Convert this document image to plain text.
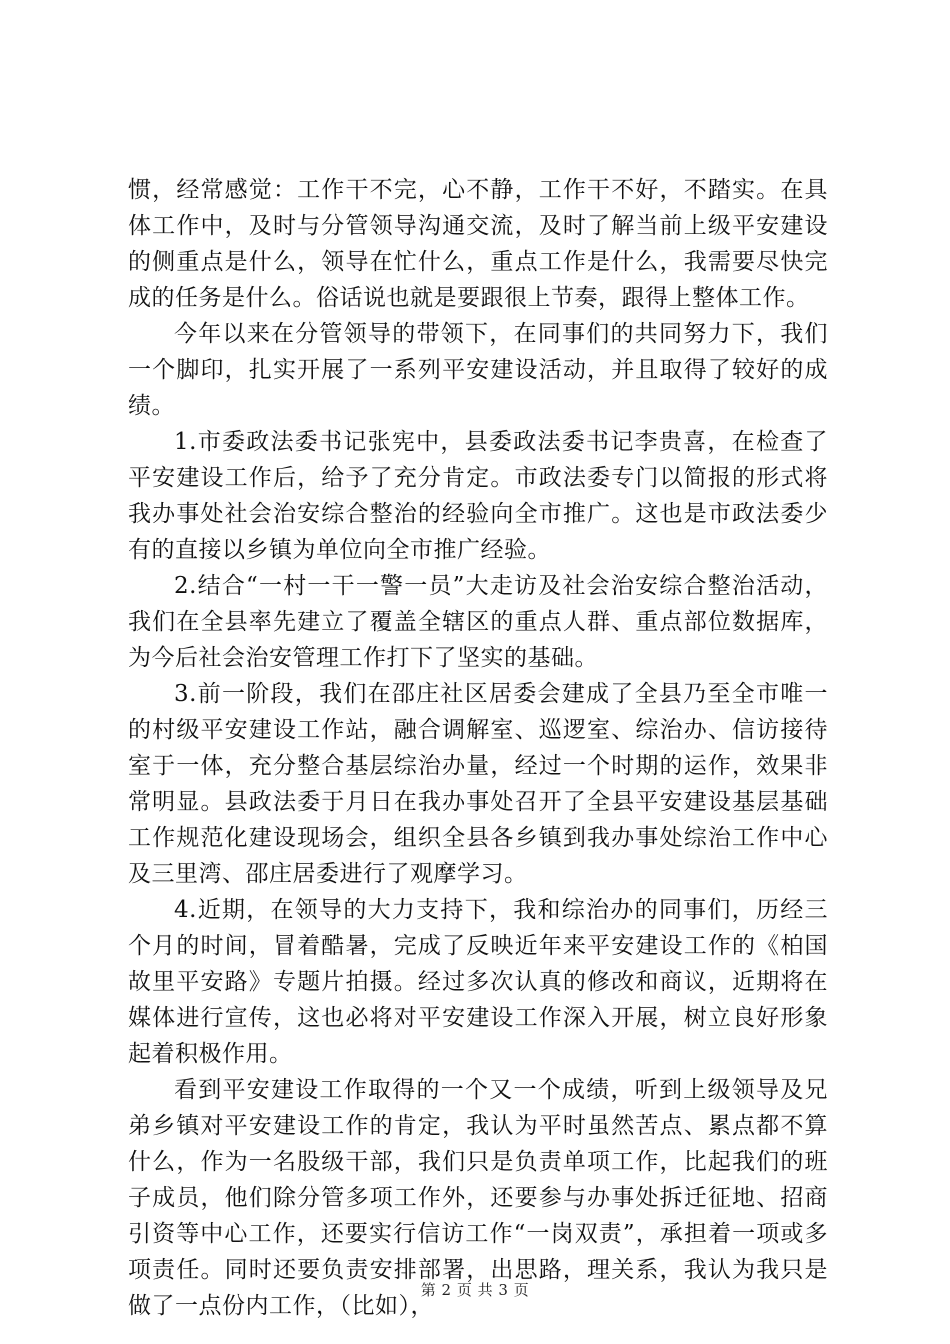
惯，经常感觉：工作干不完，心不静，工作干不好，不踏实。在具体工作中，及时与分管领导沟通交流，及时了解当前上级平安建设的侧重点是什么，领导在忙什么，重点工作是什么，我需要尽快完成的任务是什么。俗话说也就是要跟很上节奏，跟得上整体工作。

今年以来在分管领导的带领下，在同事们的共同努力下，我们一个脚印，扎实开展了一系列平安建设活动，并且取得了较好的成绩。

1.市委政法委书记张宪中，县委政法委书记李贵喜，在检查了平安建设工作后，给予了充分肯定。市政法委专门以简报的形式将我办事处社会治安综合整治的经验向全市推广。这也是市政法委少有的直接以乡镇为单位向全市推广经验。

2.结合“一村一干一警一员”大走访及社会治安综合整治活动，我们在全县率先建立了覆盖全辖区的重点人群、重点部位数据库，为今后社会治安管理工作打下了坚实的基础。

3.前一阶段，我们在邵庄社区居委会建成了全县乃至全市唯一的村级平安建设工作站，融合调解室、巡逻室、综治办、信访接待室于一体，充分整合基层综治办量，经过一个时期的运作，效果非常明显。县政法委于月日在我办事处召开了全县平安建设基层基础工作规范化建设现场会，组织全县各乡镇到我办事处综治工作中心及三里湾、邵庄居委进行了观摩学习。

4.近期，在领导的大力支持下，我和综治办的同事们，历经三个月的时间，冒着酷暑，完成了反映近年来平安建设工作的《柏国故里平安路》专题片拍摄。经过多次认真的修改和商议，近期将在媒体进行宣传，这也必将对平安建设工作深入开展，树立良好形象起着积极作用。

看到平安建设工作取得的一个又一个成绩，听到上级领导及兄弟乡镇对平安建设工作的肯定，我认为平时虽然苦点、累点都不算什么，作为一名股级干部，我们只是负责单项工作，比起我们的班子成员，他们除分管多项工作外，还要参与办事处拆迁征地、招商引资等中心工作，还要实行信访工作“一岗双责”，承担着一项或多项责任。同时还要负责安排部署，出思路，理关系，我认为我只是做了一点份内工作，（比如），

第 2 页 共 3 页
